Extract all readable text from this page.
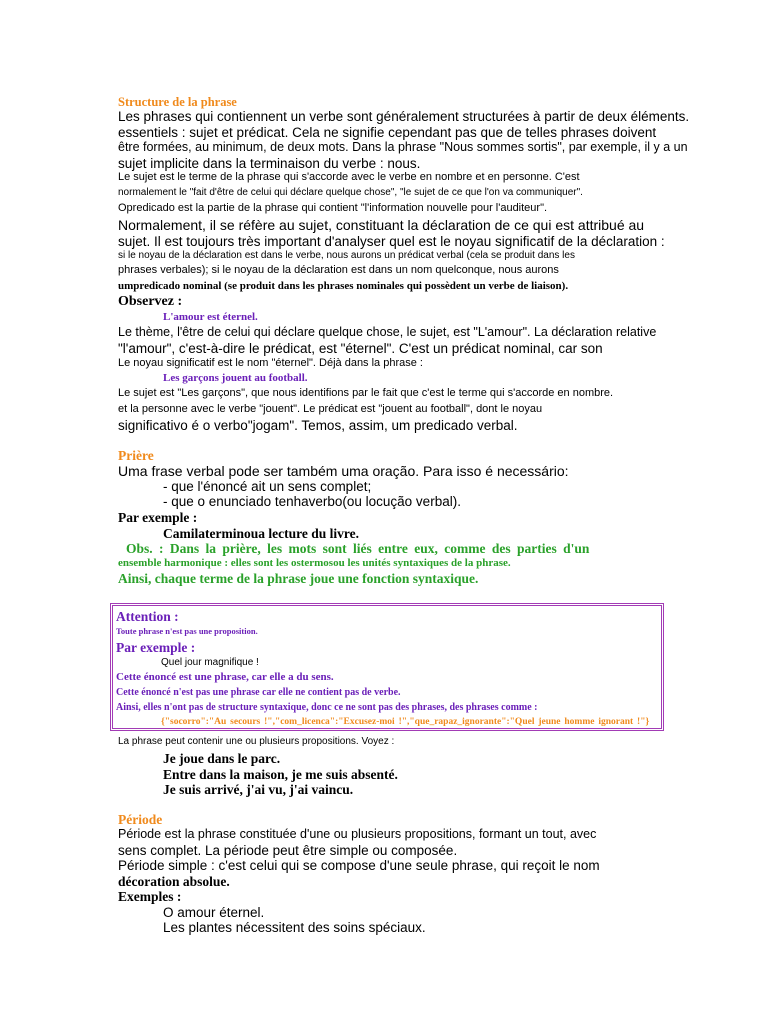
Structure de la phrase
Les phrases qui contiennent un verbe sont généralement structurées à partir de deux éléments.
essentiels : sujet et prédicat. Cela ne signifie cependant pas que de telles phrases doivent
être formées, au minimum, de deux mots. Dans la phrase "Nous sommes sortis", par exemple, il y a un
sujet implicite dans la terminaison du verbe : nous.
Le sujet est le terme de la phrase qui s'accorde avec le verbe en nombre et en personne. C'est
normalement le "fait d'être de celui qui déclare quelque chose", "le sujet de ce que l'on va communiquer".
Opredicado est la partie de la phrase qui contient "l'information nouvelle pour l'auditeur".
Normalement, il se réfère au sujet, constituant la déclaration de ce qui est attribué au
sujet. Il est toujours très important d'analyser quel est le noyau significatif de la déclaration :
si le noyau de la déclaration est dans le verbe, nous aurons un prédicat verbal (cela se produit dans les
phrases verbales); si le noyau de la déclaration est dans un nom quelconque, nous aurons
umpredicado nominal (se produit dans les phrases nominales qui possèdent un verbe de liaison).
Observez :
L'amour est éternel.
Le thème, l'être de celui qui déclare quelque chose, le sujet, est "L'amour". La déclaration relative
"l'amour", c'est-à-dire le prédicat, est "éternel". C'est un prédicat nominal, car son
Le noyau significatif est le nom "éternel". Déjà dans la phrase :
Les garçons jouent au football.
Le sujet est "Les garçons", que nous identifions par le fait que c'est le terme qui s'accorde en nombre.
et la personne avec le verbe "jouent". Le prédicat est "jouent au football", dont le noyau
significativo é o verbo"jogam". Temos, assim, um predicado verbal.
Prière
Uma frase verbal pode ser também uma oração. Para isso é necessário:
- que l'énoncé ait un sens complet;
- que o enunciado tenhaverbo(ou locução verbal).
Par exemple :
Camilaterminoua lecture du livre.
Obs. : Dans la prière, les mots sont liés entre eux, comme des parties d'un
ensemble harmonique : elles sont les ostermosou les unités syntaxiques de la phrase.
Ainsi, chaque terme de la phrase joue une fonction syntaxique.
Attention :
Toute phrase n'est pas une proposition.
Par exemple :
Quel jour magnifique !
Cette énoncé est une phrase, car elle a du sens.
Cette énoncé n'est pas une phrase car elle ne contient pas de verbe.
Ainsi, elles n'ont pas de structure syntaxique, donc ce ne sont pas des phrases, des phrases comme :
{"socorro":"Au secours !","com_licenca":"Excusez-moi !","que_rapaz_ignorante":"Quel jeune homme ignorant !"}
La phrase peut contenir une ou plusieurs propositions. Voyez :
Je joue dans le parc.
Entre dans la maison, je me suis absenté.
Je suis arrivé, j'ai vu, j'ai vaincu.
Période
Période est la phrase constituée d'une ou plusieurs propositions, formant un tout, avec
sens complet. La période peut être simple ou composée.
Période simple : c'est celui qui se compose d'une seule phrase, qui reçoit le nom
décoration absolue.
Exemples :
O amour éternel.
Les plantes nécessitent des soins spéciaux.
